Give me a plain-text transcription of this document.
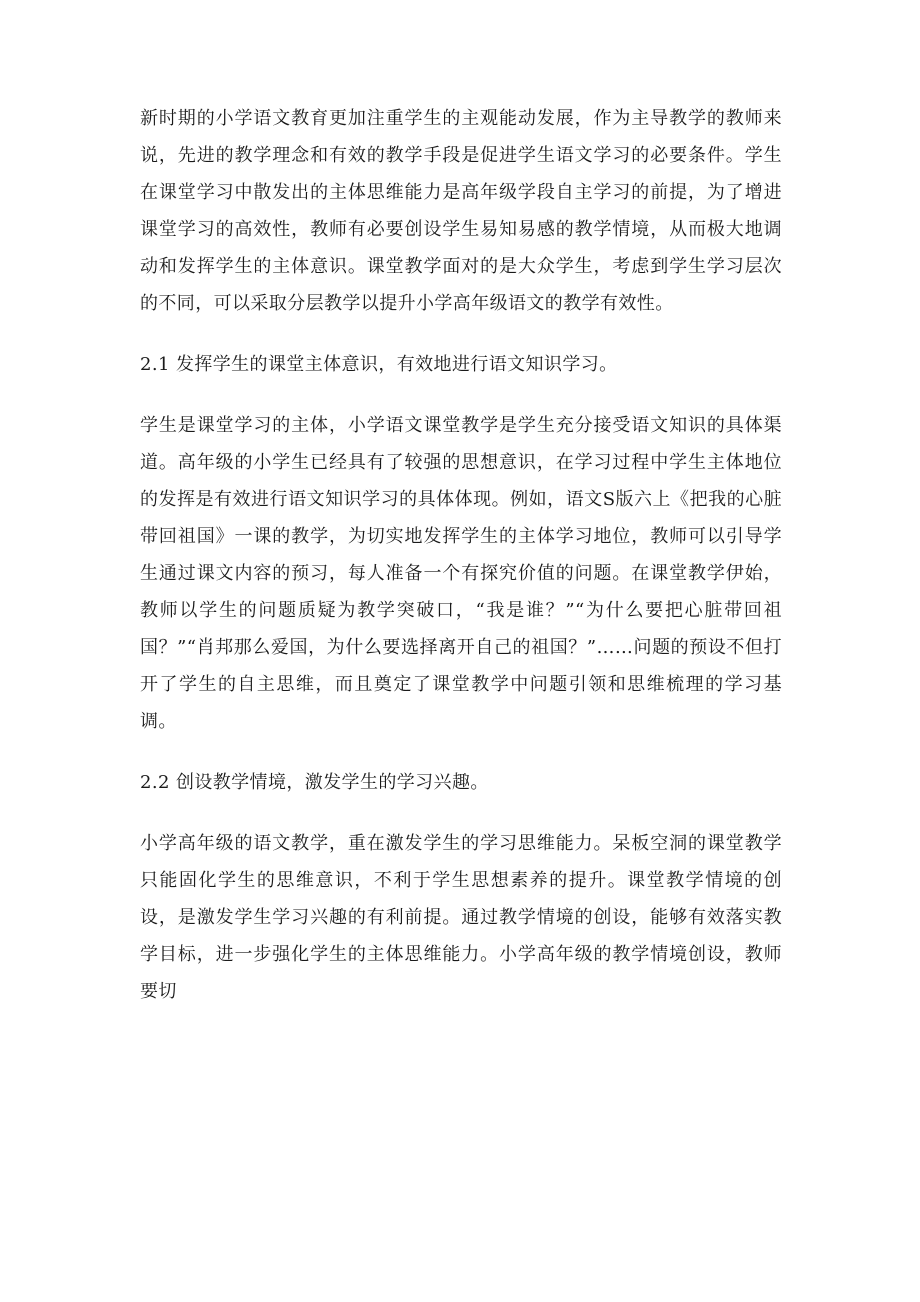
新时期的小学语文教育更加注重学生的主观能动发展，作为主导教学的教师来说，先进的教学理念和有效的教学手段是促进学生语文学习的必要条件。学生在课堂学习中散发出的主体思维能力是高年级学段自主学习的前提，为了增进课堂学习的高效性，教师有必要创设学生易知易感的教学情境，从而极大地调动和发挥学生的主体意识。课堂教学面对的是大众学生，考虑到学生学习层次的不同，可以采取分层教学以提升小学高年级语文的教学有效性。

2.1 发挥学生的课堂主体意识，有效地进行语文知识学习。

学生是课堂学习的主体，小学语文课堂教学是学生充分接受语文知识的具体渠道。高年级的小学生已经具有了较强的思想意识，在学习过程中学生主体地位的发挥是有效进行语文知识学习的具体体现。例如，语文S版六上《把我的心脏带回祖国》一课的教学，为切实地发挥学生的主体学习地位，教师可以引导学生通过课文内容的预习，每人准备一个有探究价值的问题。在课堂教学伊始，教师以学生的问题质疑为教学突破口，“我是谁？”“为什么要把心脏带回祖国？”“肖邦那么爱国，为什么要选择离开自己的祖国？”……问题的预设不但打开了学生的自主思维，而且奠定了课堂教学中问题引领和思维梳理的学习基调。

2.2 创设教学情境，激发学生的学习兴趣。

小学高年级的语文教学，重在激发学生的学习思维能力。呆板空洞的课堂教学只能固化学生的思维意识，不利于学生思想素养的提升。课堂教学情境的创设，是激发学生学习兴趣的有利前提。通过教学情境的创设，能够有效落实教学目标，进一步强化学生的主体思维能力。小学高年级的教学情境创设，教师要切
